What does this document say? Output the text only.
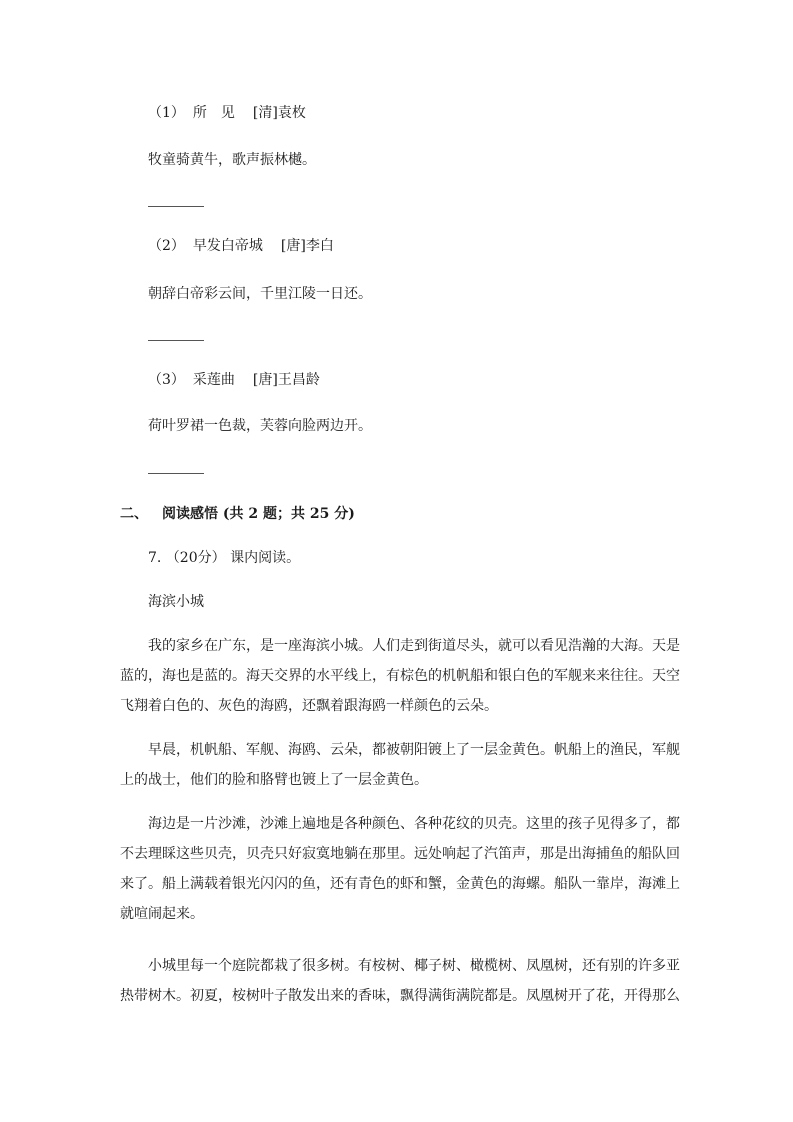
（1） 所　见 [清]袁枚
牧童骑黄牛，歌声振林樾。
（2） 早发白帝城 [唐]李白
朝辞白帝彩云间，千里江陵一日还。
（3） 采莲曲 [唐]王昌龄
荷叶罗裙一色裁，芙蓉向脸两边开。
二、 阅读感悟 (共 2 题；共 25 分)
7. （20分） 课内阅读。
海滨小城
我的家乡在广东，是一座海滨小城。人们走到街道尽头，就可以看见浩瀚的大海。天是
蓝的，海也是蓝的。海天交界的水平线上，有棕色的机帆船和银白色的军舰来来往往。天空
飞翔着白色的、灰色的海鸥，还飘着跟海鸥一样颜色的云朵。
早晨，机帆船、军舰、海鸥、云朵，都被朝阳镀上了一层金黄色。帆船上的渔民，军舰
上的战士，他们的脸和胳臂也镀上了一层金黄色。
海边是一片沙滩，沙滩上遍地是各种颜色、各种花纹的贝壳。这里的孩子见得多了，都
不去理睬这些贝壳，贝壳只好寂寞地躺在那里。远处响起了汽笛声，那是出海捕鱼的船队回
来了。船上满载着银光闪闪的鱼，还有青色的虾和蟹，金黄色的海螺。船队一靠岸，海滩上
就喧闹起来。
小城里每一个庭院都栽了很多树。有桉树、椰子树、橄榄树、凤凰树，还有别的许多亚
热带树木。初夏，桉树叶子散发出来的香味，飘得满街满院都是。凤凰树开了花，开得那么
